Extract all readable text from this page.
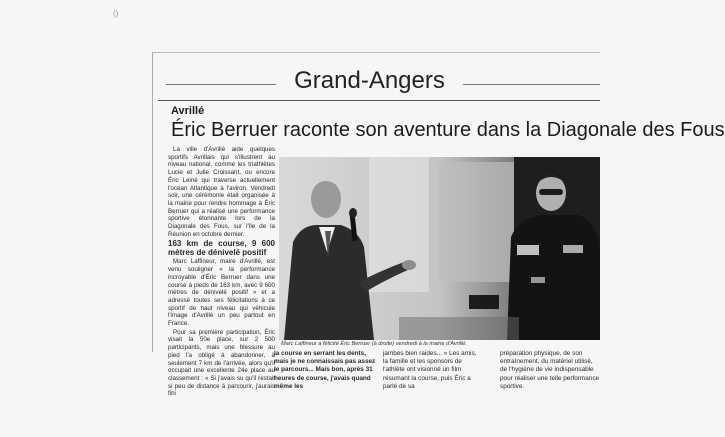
()
Grand-Angers
Avrillé
Éric Berruer raconte son aventure dans la Diagonale des Fous

La ville d'Avrillé aide quelques sportifs Avrillais qui s'illustrent au niveau national, comme les triathlètes Lucie et Julie Croissant, ou encore Éric Leiné qui traverse actuellement l'océan Atlantique à l'aviron. Vendredi soir, une cérémonie était organisée à la mairie pour rendre hommage à Éric Berruer qui a réalisé une performance sportive étonnante lors de la Diagonale des Fous, sur l'île de la Réunion en octobre dernier.

163 km de course, 9 600 mètres de dénivelé positif

Marc Laffineur, maire d'Avrillé, est venu souligner « la performance incroyable d'Éric Berruer dans une course à pieds de 163 km, avec 9 600 mètres de dénivelé positif » et a adressé toutes ses félicitations à ce sportif de haut niveau qui véhicule l'image d'Avrillé un peu partout en France.

Pour sa première participation, Éric visait la 50e place, sur 2 500 participants, mais une blessure au pied l'a obligé à abandonner, à seulement 7 km de l'arrivée, alors qu'il occupait une excellente 24e place au classement : « Si j'avais su qu'il restait si peu de distance à parcourir, j'aurais fini

Marc Laffineur a félicité Éric Berruer (à droite) vendredi à la mairie d'Avrillé.

la course en serrant les dents, mais je ne connaissais pas assez le parcours... Mais bon, après 31 heures de course, j'avais quand même les

jambes bien raides... » Les amis, la famille et les sponsors de l'athlète ont visionné un film résumant la course, puis Éric a parlé de sa

préparation physique, de son entraînement, du matériel utilisé, de l'hygiène de vie indispensable pour réaliser une telle performance sportive.
